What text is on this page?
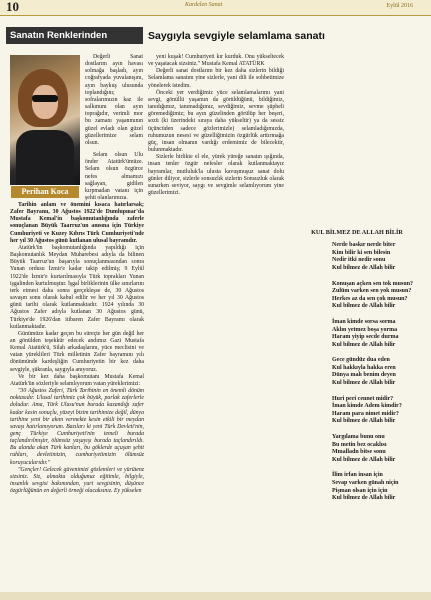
10	Kardelen Sanat	Eylül 2016
Sanatın Renklerinden	Saygıyla sevgiyle selamlama sanatı
Perihan Koca

Değerli Sanat dostlarım ayın havası solmağa başladı, ayın coğrafyada yuvalanışını, ayın baykuş ulusunda toplandığını; sofralarımızın kaz ile salkımını olan ayın toprağıdır, verimli mor bu zamanı yaşanmının güzel evladı olan güzel güzellerimize selam olsun.

Selam olsun Ulu önder Atatürk'ümüze. Selam olsun özgürce nefes almamızı sağlayan, gidilen kırpmadan vatanı için şehit olanlarımıza.

Tarihin anlam ve önemini kısaca hatırlarsak; Zafer Bayramı, 30 Ağustos 1922'de Dumlupınar'da Mustafa Kemal'in başkomutanlığında zaferle sonuçlanan Büyük Taarruz'un anısına için Türkiye Cumhuriyeti ve Kuzey Kıbrıs Türk Cumhuriyeti'nde her yıl 30 Ağustos günü kutlanan ulusal bayramdır.

Atatürk'ün başkomutanlığında yapıldığı için Başkomutanlık Meydan Muharebesi adıyla da bilinen Büyük Taarruz'un başarıyla sonuçlanmasından sonra Yunan ordusu İzmir'e kadar takip edilmiş; 9 Eylül 1922'de İzmir'e kurtarılmasıyla Türk toprakları Yunan işgalinden kurtulmuştur. İşgal birliklerinin ülke sınırlarını terk etmesi daha sonra gerçekleşse de, 30 Ağustos savaşın sonu olarak kabul edilir ve her yıl 30 Ağustos günü tarihi olarak kutlanmaktadır. 1924 yılında 30 Ağustos Zafer adıyla kutlanan 30 Ağustos günü, Türkiye'de 1926'dan itibaren Zafer Bayramı olarak kutlanmaktadır.

Günümüze kadar geçen bu süreçte her gün değil her an gönülden teşekkür edecek andımız Gazi Mustafa Kemal Atatürk'ü, Silah arkadaşlarını, yüce meclisini ve vatan yüreklileri Türk milletinin Zafer bayramını yılı dönümünde kardeşliğin Cumhuriyetin bir kez daha sevgiyle, şükranla, saygıyla anıyoruz.

Ve bir kez daha başkomutanı Mustafa Kemal Atatürk'ün sözleriyle selamlıyorum vatan yüreklerimizi:

"30 Ağustos Zaferi, Türk Tarihinin en önemli dönüm noktasıdır. Ulusal tarihimiz çok büyük, parlak zaferlerle doludur. Ama, Türk Ulusu'nun burada kazandığı zafer kadar kesin sonuçlu, yüzeyi bizim tarihimize değil, dünya tarihine yeni bir akım vermekte kesin etkili bir meydan savaşı hatırlamıyorum. Bazıları ki yeni Türk Devleti'nin, genç Türkiye Cumhuriyeti'nin temeli burada taçlandırılmıştır, ölümsüz yaşayışı burada taçlandırıldı. Bu alanda akan Türk kanları, bu göklerde uçuşan şehit ruhları, devletimizin, cumhuriyetimizin ölümsüz koruyucularıdır."

"Gençler! Gelecek güvenimizi gözlemleri ve yürütenz sizsiniz. Siz, almakta olduğunuz eğitimle, bilgiyle, insanlık sevgisi bakımından, yurt sevgisinin, düşünce özgürlüğünün en değerli örneği olacaksınız. Ey yükselen

yeni kuşak! Cumhuriyeti kır kurduk. Onu yükseltecek ve yaşatacak sizsiniz." Mustafa Kemal ATATÜRK

Değerli sanat dostlarım bir kez daha sizlerin bildiği Selamlama sanatını yine sizlerle, yani dili ile sohbetimize yönelerek istedim.

Önceki yer verdiğimiz yüce selamlamalarımı yani sevgi, gönüllü yaşamın da görüldüğünü, bildiğimiz, tanıdığımız, tanımadığımız, sevdiğimiz, sevme şüpheli göremediğimiz; bu ayın güzelinden görülüp her beşeri, sozü (ki üzerindeki sıraya daha yükseltir) ya da sessiz üçüncüden sadece gözlerimizle) selamladığımızda, ruhumuzun nesesi ve güzelliğimizin özgürlük arttırmağa güç, insan olmanın vardığı erdemimiz de bilecektir, bulunmaktadır.

Sizlerle birlikte el ele, yürek yüreğe sanatın ışığında, insan tenler özgür nefesler olarak kutlanmaktayız bayramlar, mutluluk'la ulusta kavuşmuşuz sanat dolu günler diliyor, sizlerle sonsuzlık sizlerin Sonsuzluk olarak sunarken seviyor, saygı ve sevgimle selamlıyorum yine güzellerimizi.

KUL BİLMEZ DE ALLAH BİLİR
Nerde baskır nerde biter
Kim bilir ki sen bilesin
Nedir itki nedir sonu
Kul bilmez de Allah bilir
Konuşan açken sen tok musun?
Zulüm varken sen yok musun?
Herkes az da sen çok musun?
Kul bilmez de Allah bilir
İman kimde sorsa sorma
Aklın yetmez boşa yorma
Haram yiyip secde durma
Kul bilmez de Allah bilir
Gece gündüz dua eden
Kul hakkıyla hakka eren
Dünya malı benim deyen
Kul bilmez de Allah bilir
Huri peri cennet midir?
İman kimde Adem kimdir?
Haram para nimet midir?
Kul bilmez de Allah bilir
Yargılama bunu onu
Bu metin bez ocaklısı
Mmalladn bitse sonu
Kul bilmez de Allah bilir
İlim irfan insan için
Sevap varken günah niçin
Pişman olsan için için
Kul bilmez de Allah bilir
